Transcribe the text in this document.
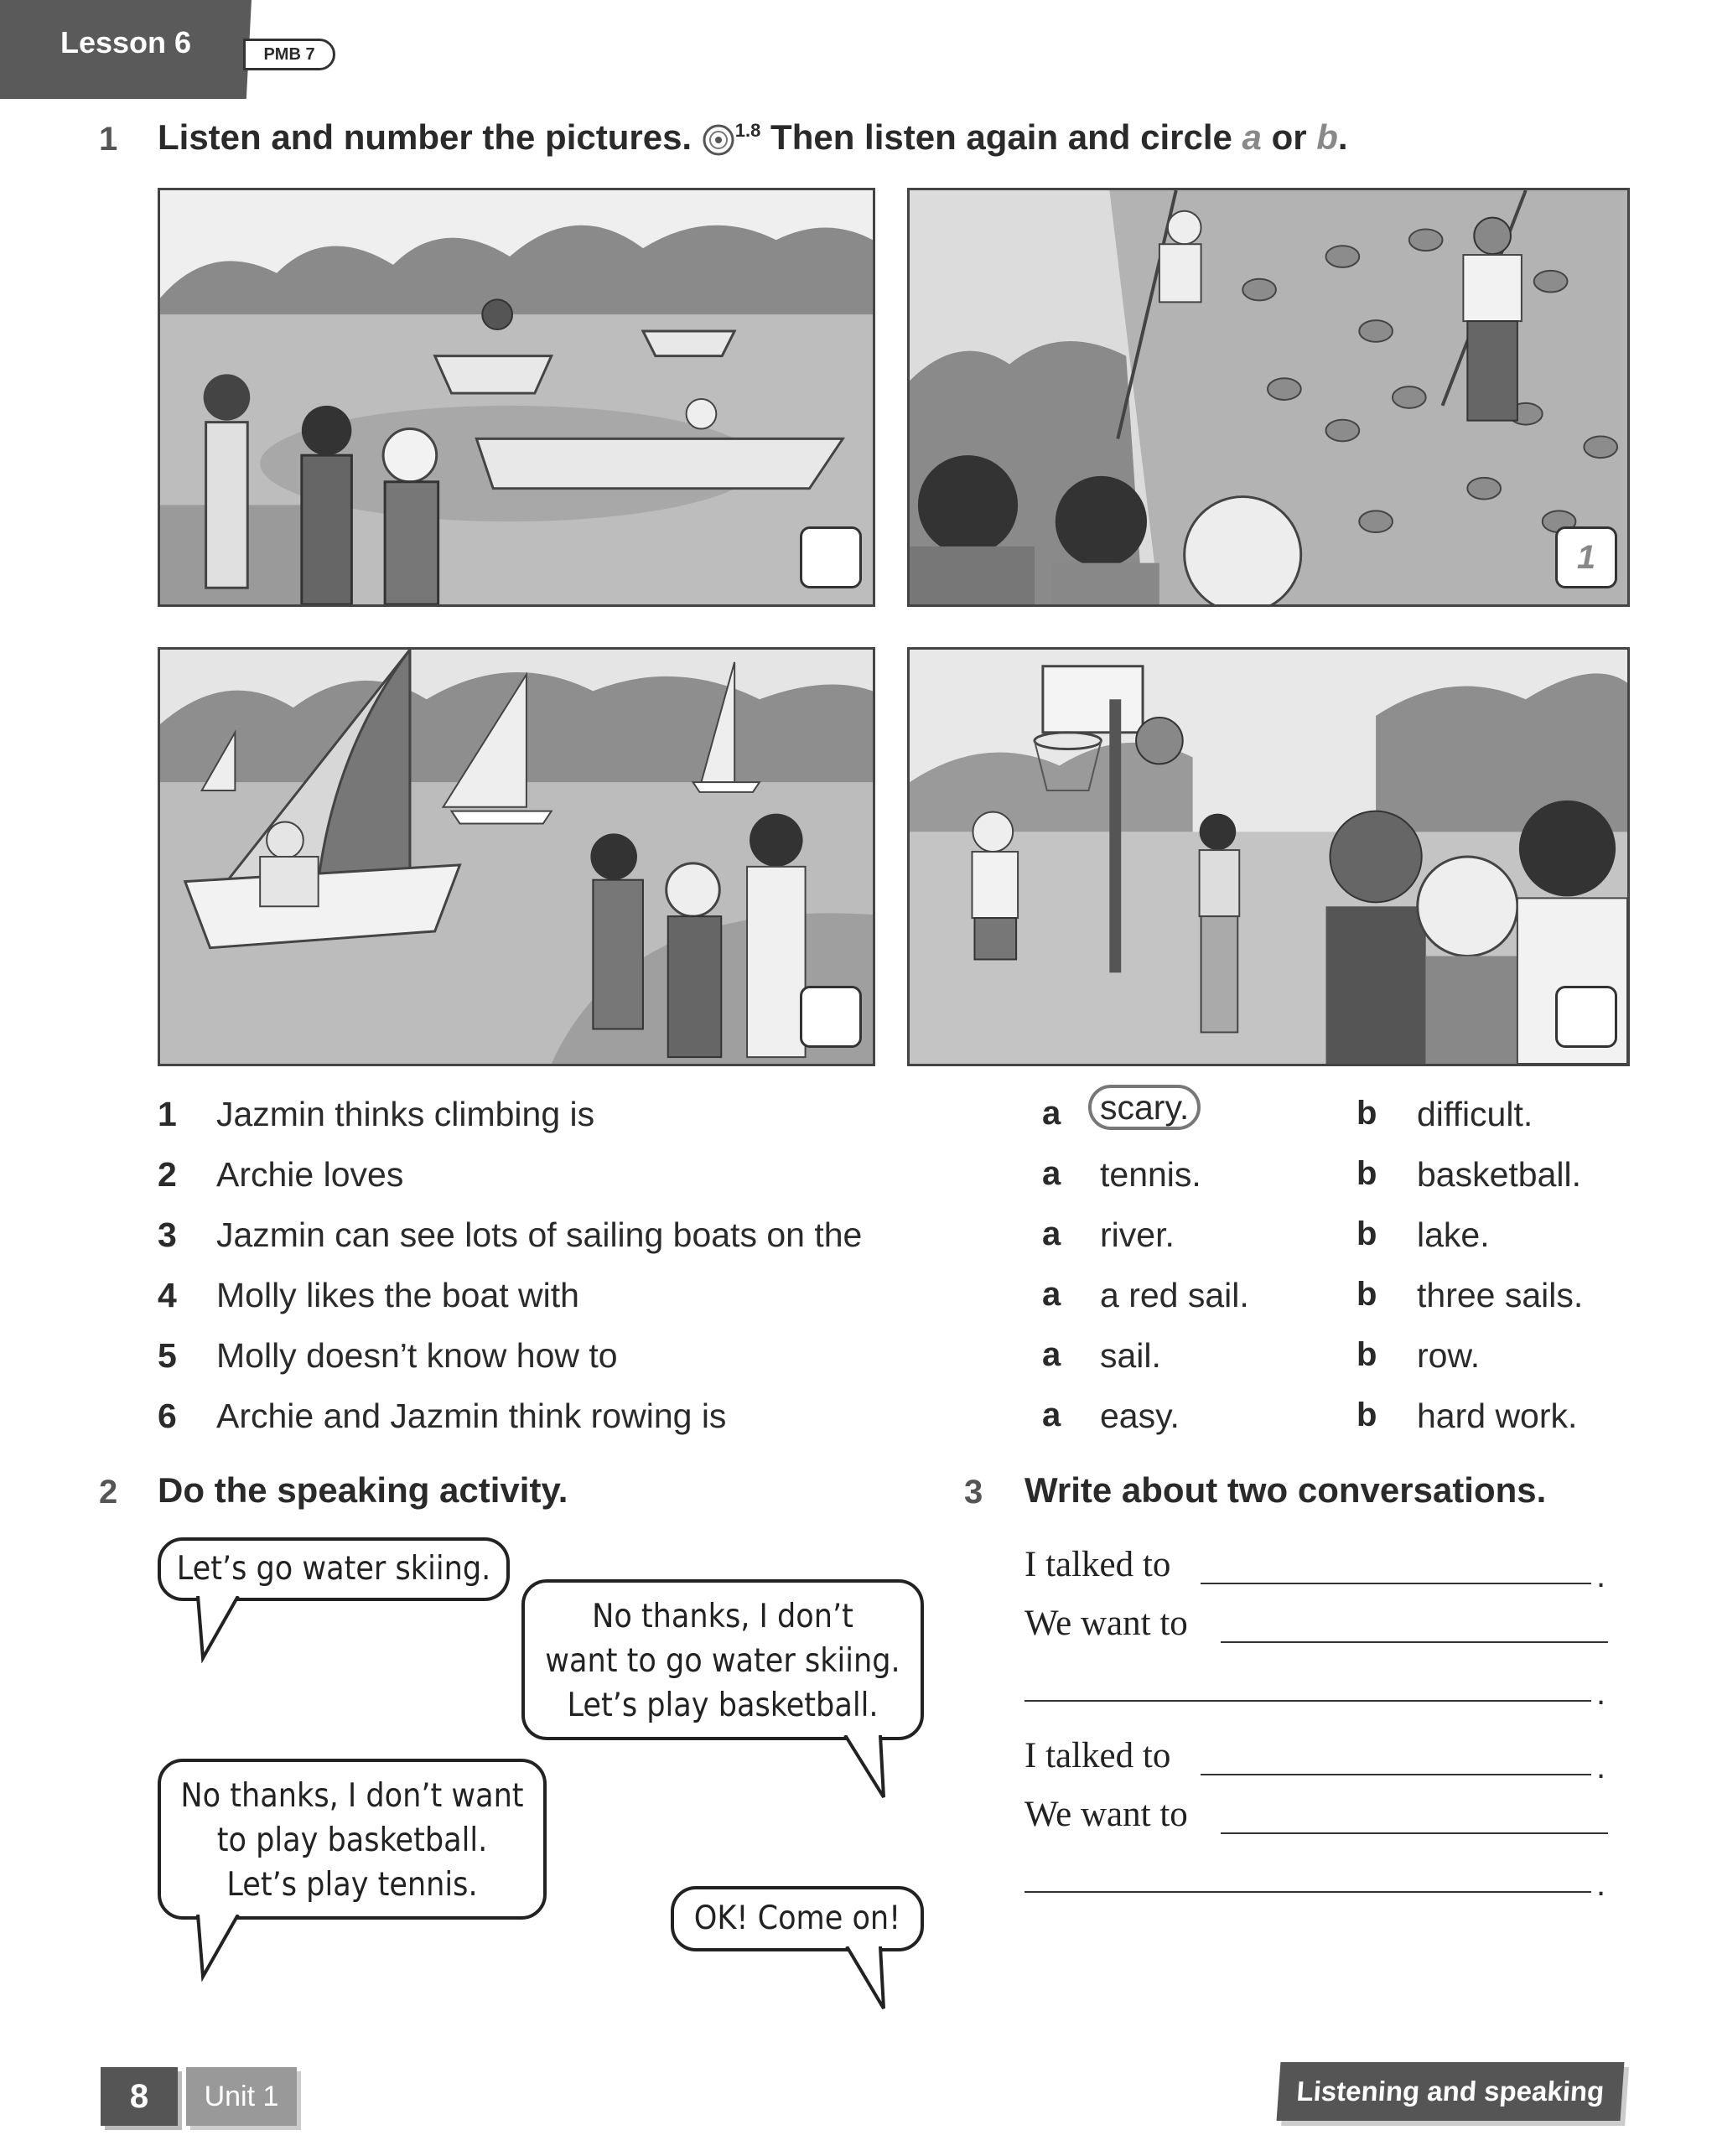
Lesson 6	PMB 7
1 Listen and number the pictures. $^{1.8}$ Then listen again and circle a or b.
1
1 Jazmin thinks climbing is	a	scary.	b difficult.
2 Archie loves	a tennis.	b basketball.
3 Jazmin can see lots of sailing boats on the	a river.	b lake.
4 Molly likes the boat with	a a red sail.	b three sails.
5 Molly doesn’t know how to	a sail.	b row.
6 Archie and Jazmin think rowing is	a easy.	b hard work.
2 Do the speaking activity.
Let’s go water skiing.
No thanks, I don’t
want to go water skiing.
Let’s play basketball.
No thanks, I don’t want
to play basketball.
Let’s play tennis.
OK! Come on!
3 Write about two conversations.
I talked to	.
We want to
.
I talked to	.
We want to
.
8	Unit 1	Listening and speaking
